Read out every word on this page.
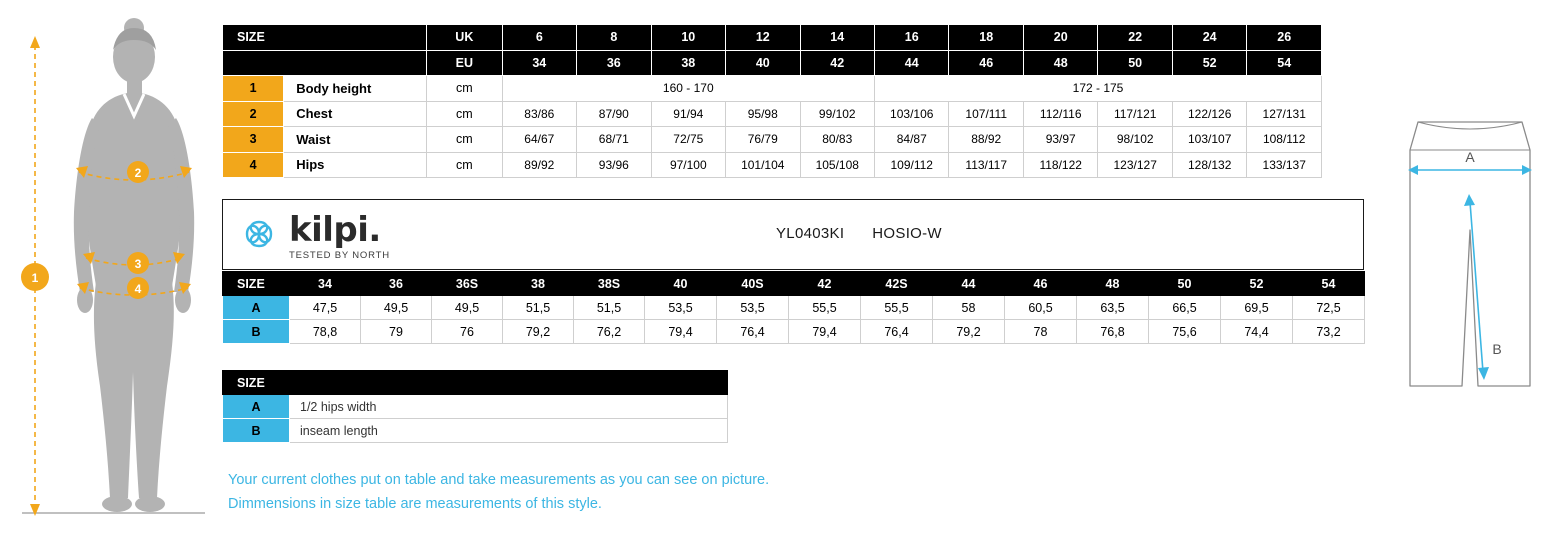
1
2
3
4
SIZE		UK	6	8	10	12	14	16	18	20	22	24	26
		EU	34	36	38	40	42	44	46	48	50	52	54
1	Body height	cm	160 - 170					172 - 175					
2	Chest	cm	83/86	87/90	91/94	95/98	99/102	103/106	107/111	112/116	117/121	122/126	127/131
3	Waist	cm	64/67	68/71	72/75	76/79	80/83	84/87	88/92	93/97	98/102	103/107	108/112
4	Hips	cm	89/92	93/96	97/100	101/104	105/108	109/112	113/117	118/122	123/127	128/132	133/137
kilpi.
TESTED BY NORTH
YL0403KI HOSIO-W
SIZE	34	36	36S	38	38S	40	40S	42	42S	44	46	48	50	52	54
A	47,5	49,5	49,5	51,5	51,5	53,5	53,5	55,5	55,5	58	60,5	63,5	66,5	69,5	72,5
B	78,8	79	76	79,2	76,2	79,4	76,4	79,4	76,4	79,2	78	76,8	75,6	74,4	73,2
SIZE	
A	1/2 hips width
B	inseam length
Your current clothes put on table and take measurements as you can see on picture.
Dimmensions in size table are measurements of this style.
A
B
